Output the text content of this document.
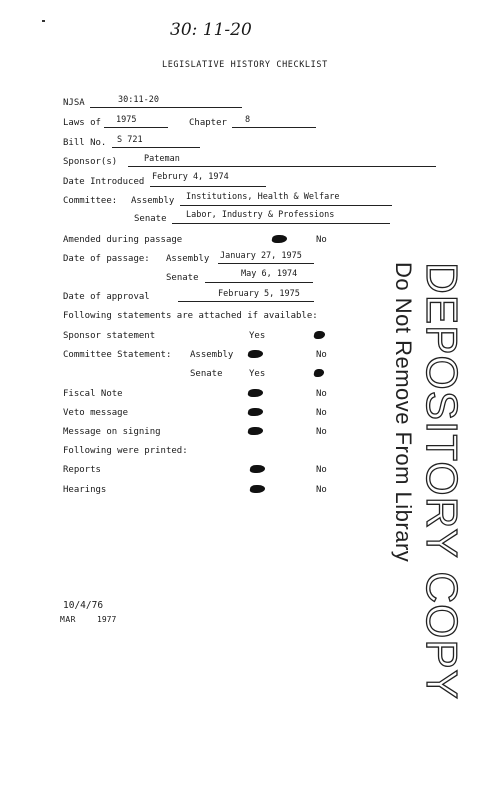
30: 11-20
LEGISLATIVE HISTORY CHECKLIST
NJSA	30:11-20
Laws of 1975	Chapter 8
Bill No. S 721
Sponsor(s)	Pateman
Date Introduced Februry 4, 1974
Committee: Assembly Institutions, Health & Welfare
Senate Labor, Industry & Professions
Amended during passage	No
Date of passage: Assembly January 27, 1975
Senate	May 6, 1974
Date of approval	February 5, 1975
Following statements are attached if available:
Sponsor statement	Yes
Committee Statement: Assembly	No
Senate	Yes
Fiscal Note	No
Veto message	No
Message on signing	No
Following were printed:
Reports	No
Hearings	No
10/4/76
MAR	1977	DEPOSITORY COPY
Do Not Remove From Library
